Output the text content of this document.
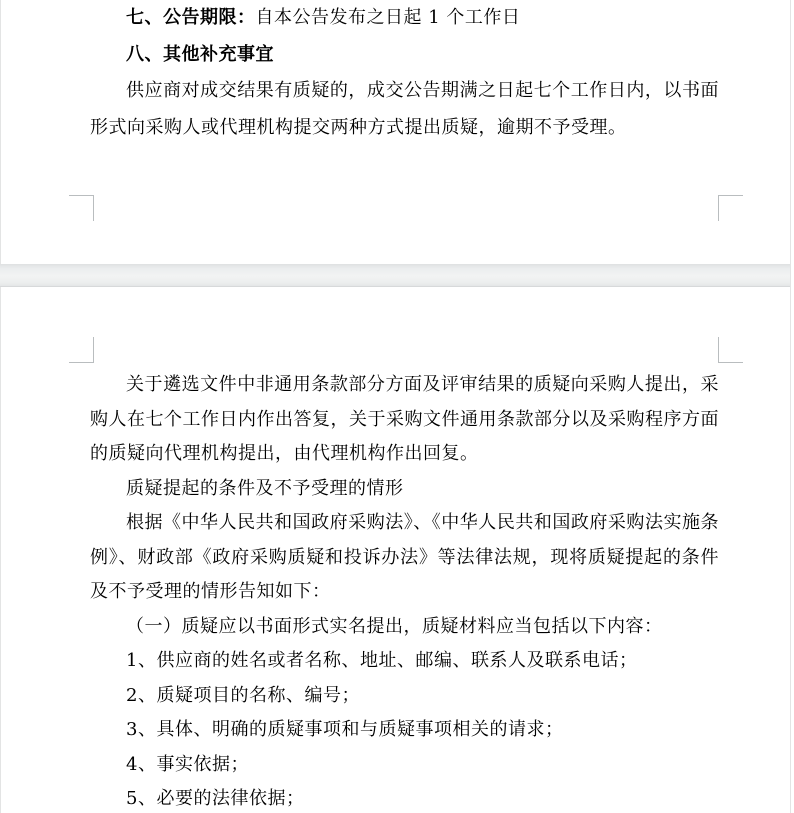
七、公告期限：自本公告发布之日起 1 个工作日

八、其他补充事宜

供应商对成交结果有质疑的，成交公告期满之日起七个工作日内，以书面形式向采购人或代理机构提交两种方式提出质疑，逾期不予受理。

关于遴选文件中非通用条款部分方面及评审结果的质疑向采购人提出，采购人在七个工作日内作出答复，关于采购文件通用条款部分以及采购程序方面的质疑向代理机构提出，由代理机构作出回复。

质疑提起的条件及不予受理的情形

根据《中华人民共和国政府采购法》、《中华人民共和国政府采购法实施条例》、财政部《政府采购质疑和投诉办法》等法律法规，现将质疑提起的条件及不予受理的情形告知如下：

（一）质疑应以书面形式实名提出，质疑材料应当包括以下内容：

1、供应商的姓名或者名称、地址、邮编、联系人及联系电话；

2、质疑项目的名称、编号；

3、具体、明确的质疑事项和与质疑事项相关的请求；

4、事实依据；

5、必要的法律依据；
